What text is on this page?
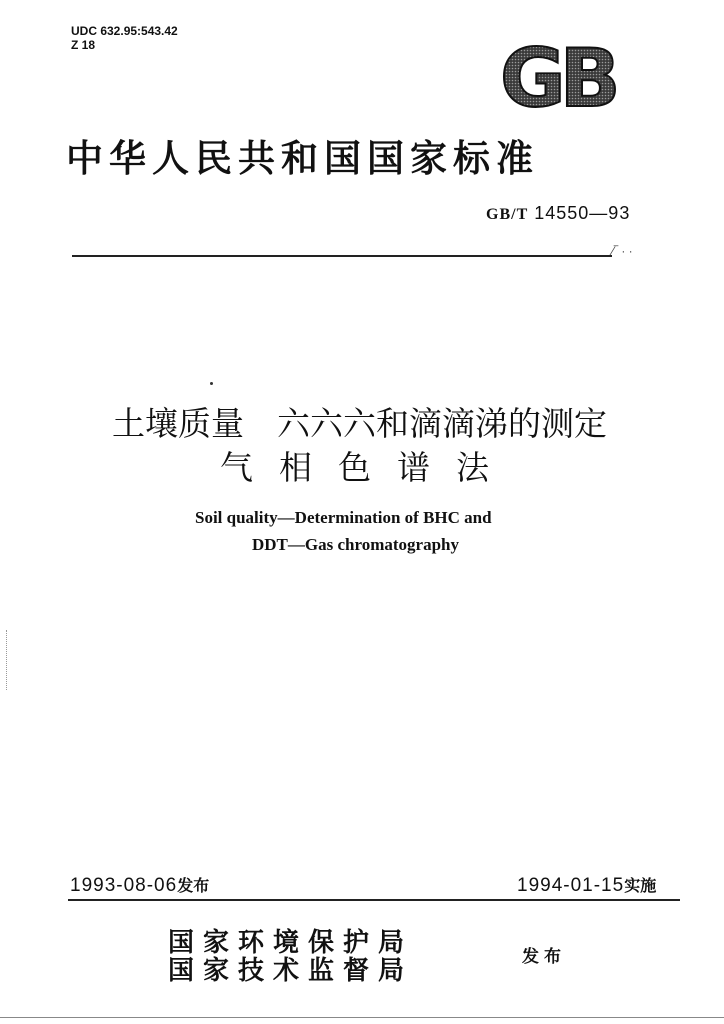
UDC 632.95:543.42
Z 18	GB
中华人民共和国国家标准
GB/T 14550—93
⁄‾ · ·
土壤质量　六六六和滴滴涕的测定
气相色谱法
Soil quality—Determination of BHC and
DDT—Gas chromatography
1993-08-06发布	1994-01-15实施
国家环境保护局
国家技术监督局	发布
